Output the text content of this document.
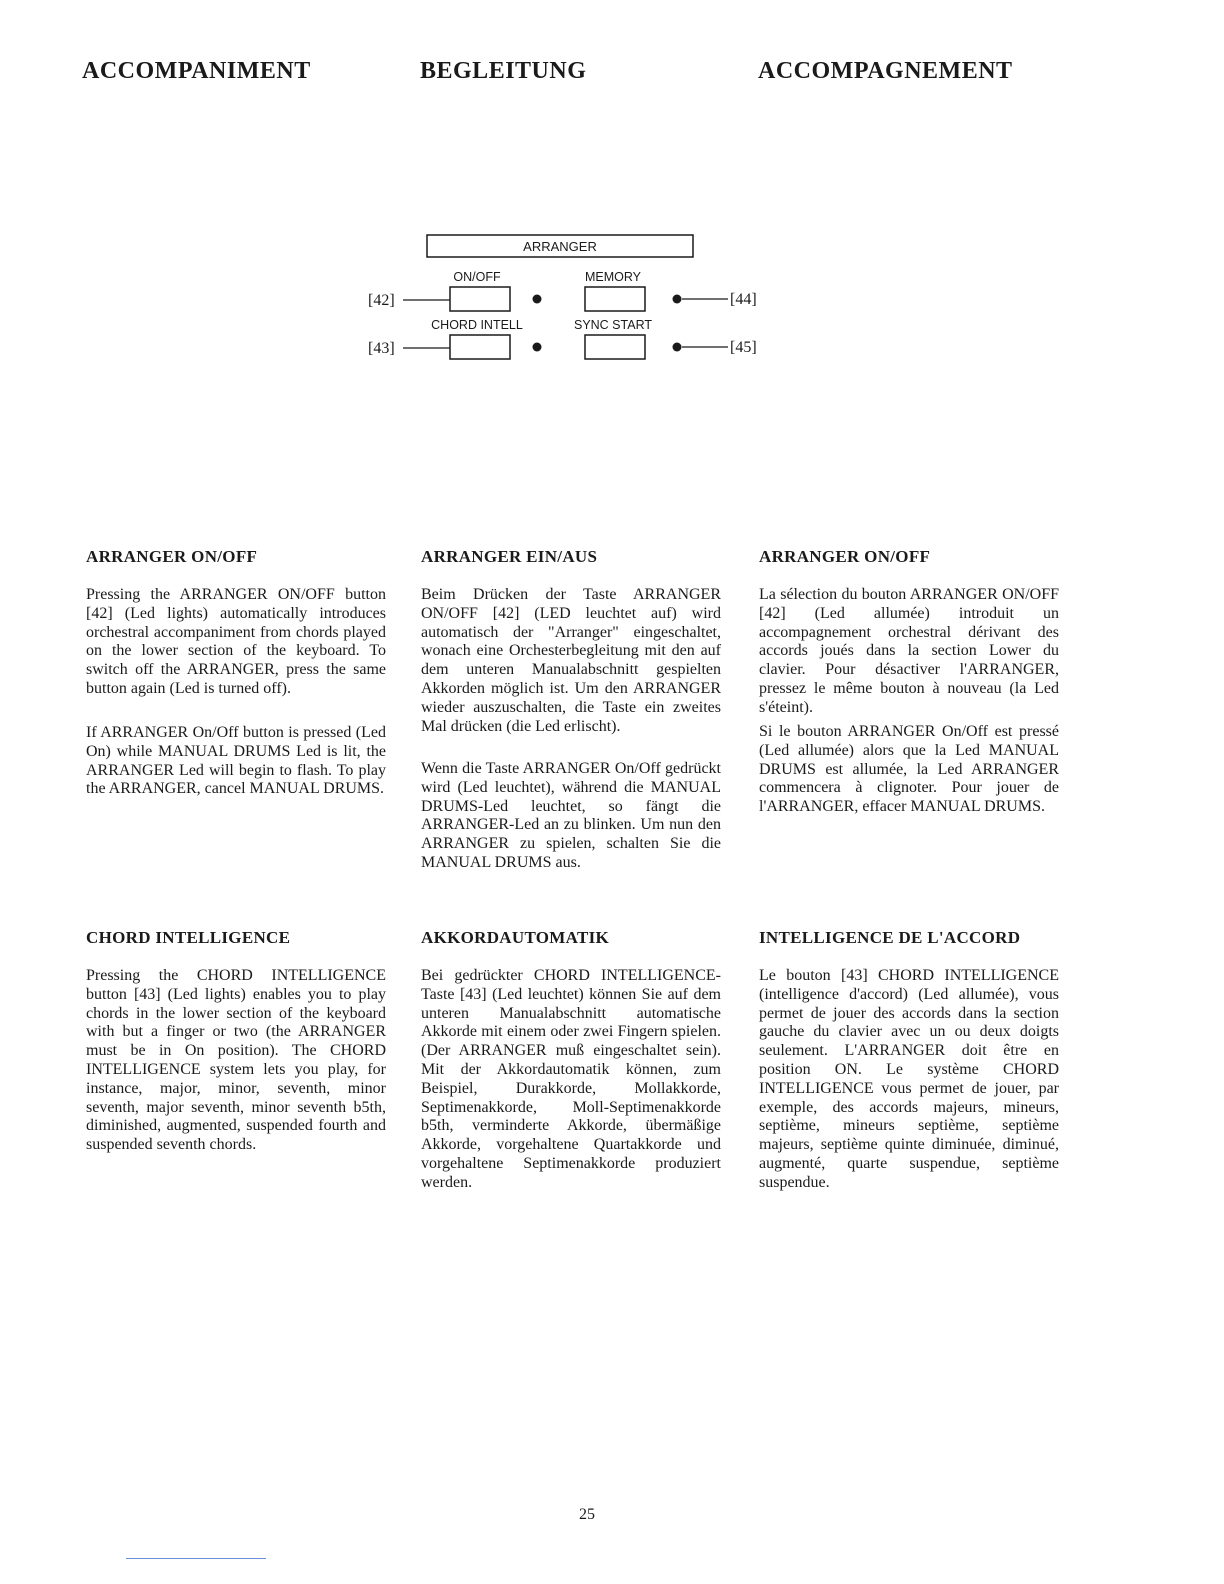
ACCOMPANIMENT	BEGLEITUNG	ACCOMPAGNEMENT
ARRANGER
ON/OFF	MEMORY
[42]	[44]
CHORD INTELL	SYNC START
[43]	[45]
ARRANGER ON/OFF	ARRANGER EIN/AUS	ARRANGER ON/OFF

Pressing the ARRANGER ON/OFF button [42] (Led lights) automatically introduces orchestral accompaniment from chords played on the lower section of the keyboard. To switch off the ARRANGER, press the same button again (Led is turned off).

If ARRANGER On/Off button is pressed (Led On) while MANUAL DRUMS Led is lit, the ARRANGER Led will begin to flash. To play the ARRANGER, cancel MANUAL DRUMS.

Beim Drücken der Taste ARRANGER ON/OFF [42] (LED leuchtet auf) wird automatisch der "Arranger" eingeschaltet, wonach eine Orchesterbegleitung mit den auf dem unteren Manualabschnitt gespielten Akkorden möglich ist. Um den ARRANGER wieder auszuschalten, die Taste ein zweites Mal drücken (die Led erlischt).

Wenn die Taste ARRANGER On/Off gedrückt wird (Led leuchtet), während die MANUAL DRUMS-Led leuchtet, so fängt die ARRANGER-Led an zu blinken. Um nun den ARRANGER zu spielen, schalten Sie die MANUAL DRUMS aus.

La sélection du bouton ARRANGER ON/OFF [42] (Led allumée) introduit un accompagnement orchestral dérivant des accords joués dans la section Lower du clavier. Pour désactiver l'ARRANGER, pressez le même bouton à nouveau (la Led s'éteint).

Si le bouton ARRANGER On/Off est pressé (Led allumée) alors que la Led MANUAL DRUMS est allumée, la Led ARRANGER commencera à clignoter. Pour jouer de l'ARRANGER, effacer MANUAL DRUMS.

CHORD INTELLIGENCE	AKKORDAUTOMATIK	INTELLIGENCE DE L'ACCORD

Pressing the CHORD INTELLIGENCE button [43] (Led lights) enables you to play chords in the lower section of the keyboard with but a finger or two (the ARRANGER must be in On position). The CHORD INTELLIGENCE system lets you play, for instance, major, minor, seventh, minor seventh, major seventh, minor seventh b5th, diminished, augmented, suspended fourth and suspended seventh chords.

Bei gedrückter CHORD INTELLIGENCE-Taste [43] (Led leuchtet) können Sie auf dem unteren Manualabschnitt automatische Akkorde mit einem oder zwei Fingern spielen. (Der ARRANGER muß eingeschaltet sein). Mit der Akkordautomatik können, zum Beispiel, Durakkorde, Mollakkorde, Septimenakkorde, Moll-Septimenakkorde b5th, verminderte Akkorde, übermäßige Akkorde, vorgehaltene Quartakkorde und vorgehaltene Septimenakkorde produziert werden.

Le bouton [43] CHORD INTELLIGENCE (intelligence d'accord) (Led allumée), vous permet de jouer des accords dans la section gauche du clavier avec un ou deux doigts seulement. L'ARRANGER doit être en position ON. Le système CHORD INTELLIGENCE vous permet de jouer, par exemple, des accords majeurs, mineurs, septième, mineurs septième, septième majeurs, septième quinte diminuée, diminué, augmenté, quarte suspendue, septième suspendue.

25
